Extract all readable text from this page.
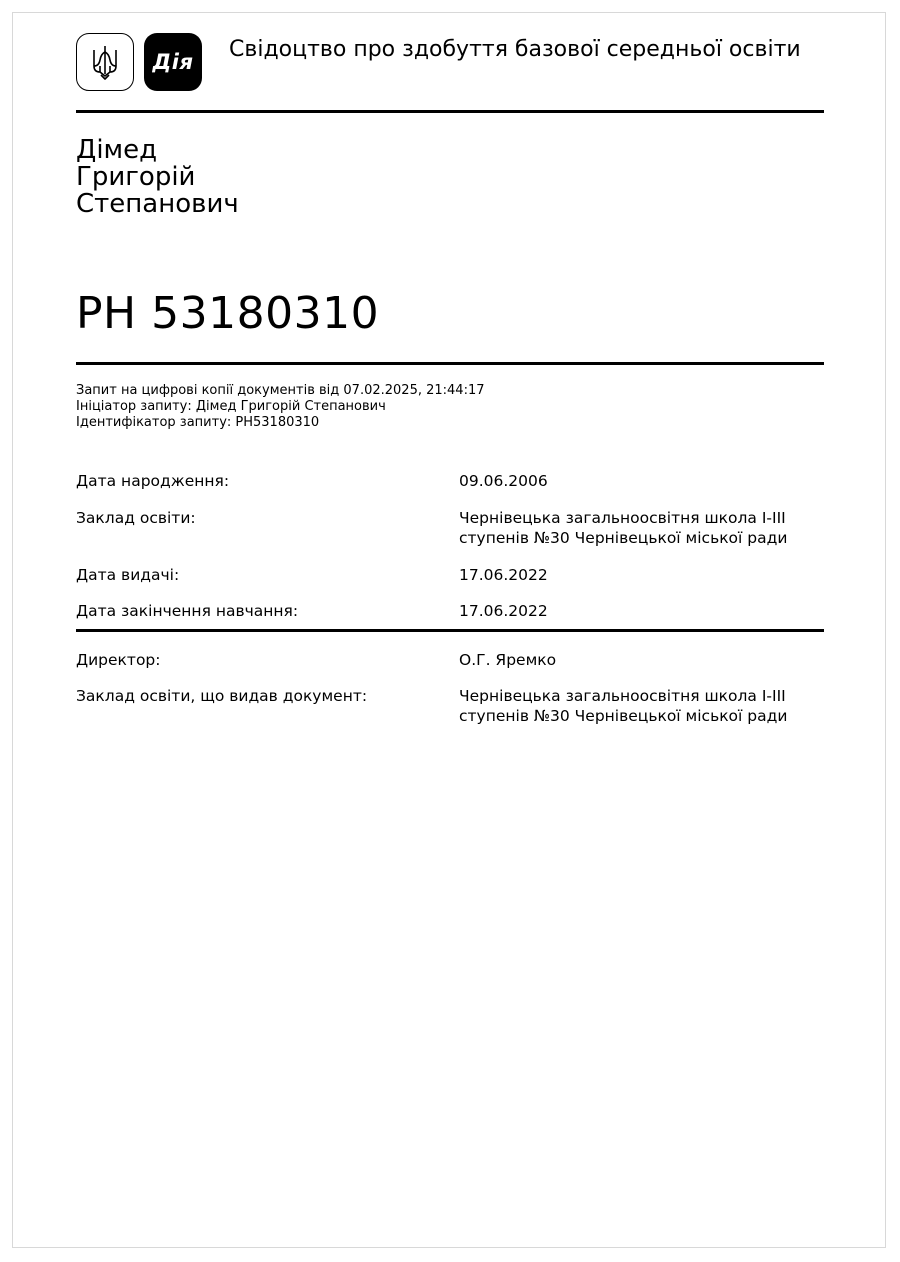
Дія Свідоцтво про здобуття базової середньої освіти
Дімед
Григорій
Степанович
РН 53180310
Запит на цифрові копії документів від 07.02.2025, 21:44:17
Ініціатор запиту: Дімед Григорій Степанович
Ідентифікатор запиту: РН53180310
Дата народження:	09.06.2006
Заклад освіти:	Чернівецька загальноосвітня школа І-ІІІ
ступенів №30 Чернівецької міської ради
Дата видачі:	17.06.2022
Дата закінчення навчання:	17.06.2022
Директор:	О.Г. Яремко
Заклад освіти, що видав документ:	Чернівецька загальноосвітня школа І-ІІІ
ступенів №30 Чернівецької міської ради
